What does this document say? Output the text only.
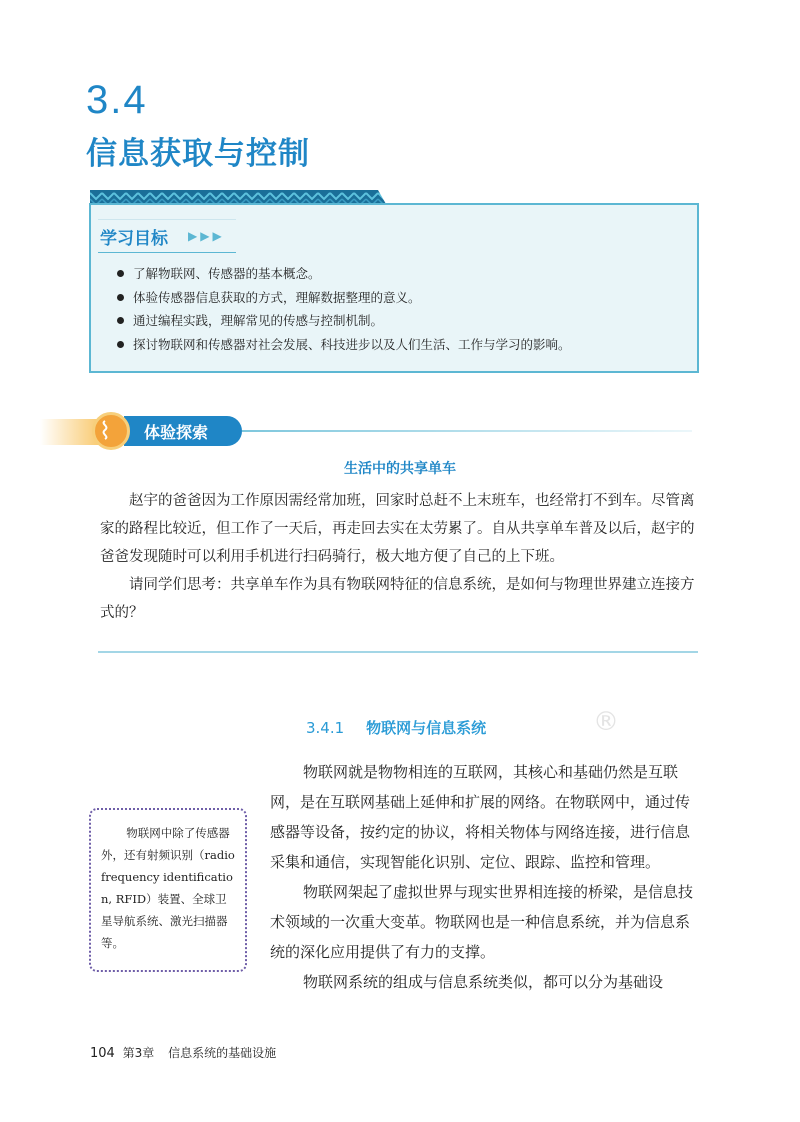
3.4
信息获取与控制
学习目标 ▶▶▶
了解物联网、传感器的基本概念。
体验传感器信息获取的方式，理解数据整理的意义。
通过编程实践，理解常见的传感与控制机制。
探讨物联网和传感器对社会发展、科技进步以及人们生活、工作与学习的影响。
体验探索
生活中的共享单车

赵宇的爸爸因为工作原因需经常加班，回家时总赶不上末班车，也经常打不到车。尽管离家的路程比较近，但工作了一天后，再走回去实在太劳累了。自从共享单车普及以后，赵宇的爸爸发现随时可以利用手机进行扫码骑行，极大地方便了自己的上下班。

请同学们思考：共享单车作为具有物联网特征的信息系统，是如何与物理世界建立连接方式的？

®
3.4.1 物联网与信息系统

物联网就是物物相连的互联网，其核心和基础仍然是互联网，是在互联网基础上延伸和扩展的网络。在物联网中，通过传感器等设备，按约定的协议，将相关物体与网络连接，进行信息采集和通信，实现智能化识别、定位、跟踪、监控和管理。

物联网架起了虚拟世界与现实世界相连接的桥梁，是信息技术领域的一次重大变革。物联网也是一种信息系统，并为信息系统的深化应用提供了有力的支撑。

物联网系统的组成与信息系统类似，都可以分为基础设

物联网中除了传感器外，还有射频识别（radio frequency identification, RFID）装置、全球卫星导航系统、激光扫描器等。

104 第3章 信息系统的基础设施
